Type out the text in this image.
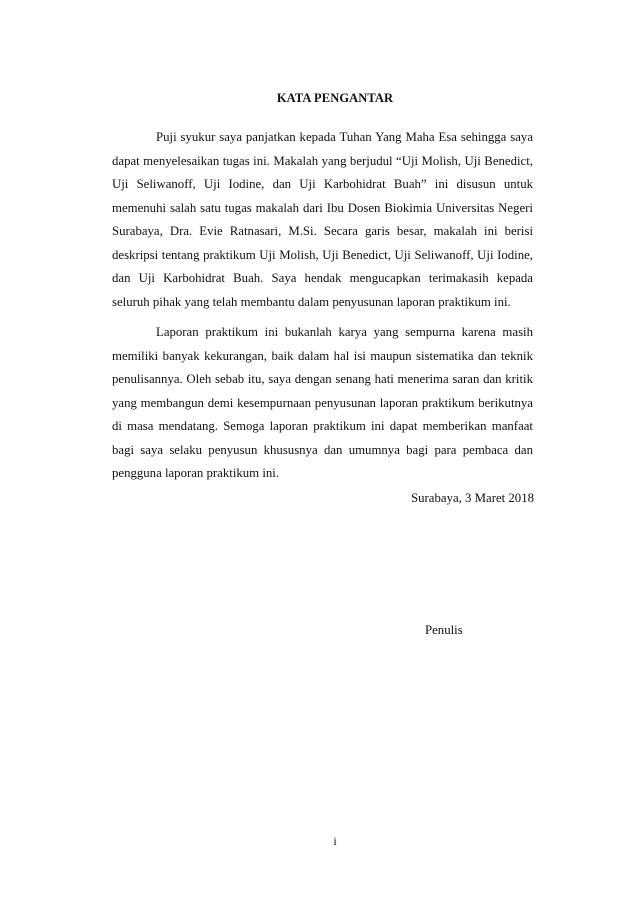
KATA PENGANTAR

Puji syukur saya panjatkan kepada Tuhan Yang Maha Esa sehingga saya dapat menyelesaikan tugas ini. Makalah yang berjudul “Uji Molish, Uji Benedict, Uji Seliwanoff, Uji Iodine, dan Uji Karbohidrat Buah” ini disusun untuk memenuhi salah satu tugas makalah dari Ibu Dosen Biokimia Universitas Negeri Surabaya, Dra. Evie Ratnasari, M.Si. Secara garis besar, makalah ini berisi deskripsi tentang praktikum Uji Molish, Uji Benedict, Uji Seliwanoff, Uji Iodine, dan Uji Karbohidrat Buah. Saya hendak mengucapkan terimakasih kepada seluruh pihak yang telah membantu dalam penyusunan laporan praktikum ini.

Laporan praktikum ini bukanlah karya yang sempurna karena masih memiliki banyak kekurangan, baik dalam hal isi maupun sistematika dan teknik penulisannya. Oleh sebab itu, saya dengan senang hati menerima saran dan kritik yang membangun demi kesempurnaan penyusunan laporan praktikum berikutnya di masa mendatang. Semoga laporan praktikum ini dapat memberikan manfaat bagi saya selaku penyusun khususnya dan umumnya bagi para pembaca dan pengguna laporan praktikum ini.

Surabaya, 3 Maret 2018
Penulis
i
